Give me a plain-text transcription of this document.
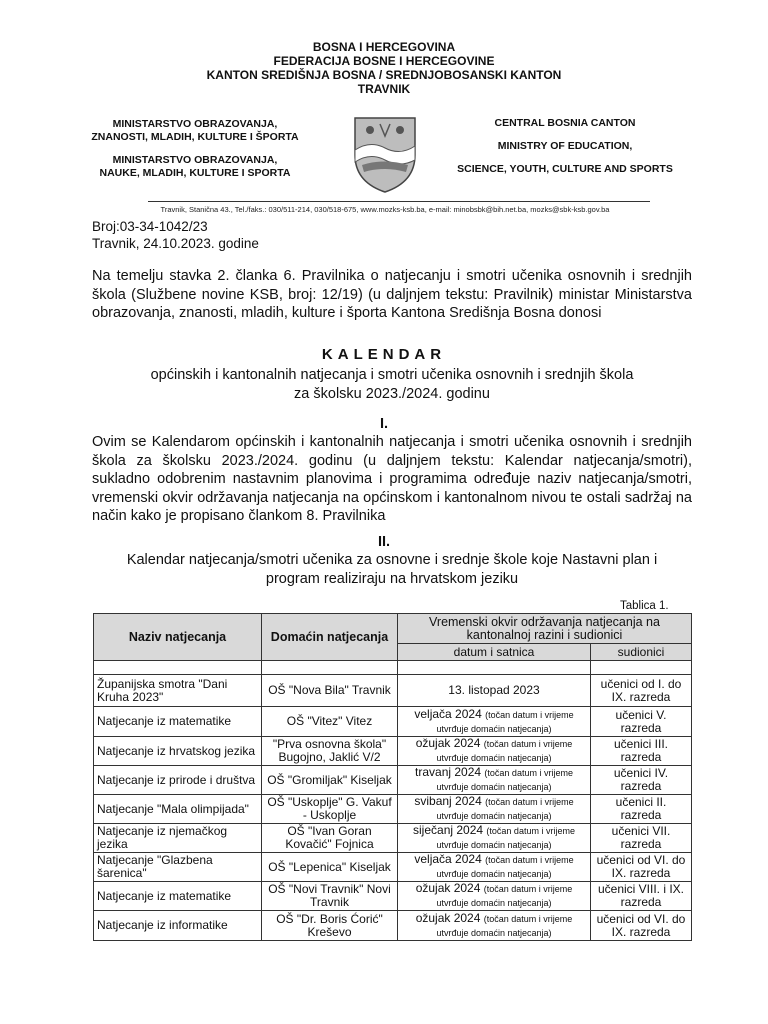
BOSNA I HERCEGOVINA
FEDERACIJA BOSNE I HERCEGOVINE
KANTON SREDIŠNJA BOSNA / SREDNJOBOSANSKI KANTON
TRAVNIK
MINISTARSTVO OBRAZOVANJA,
ZNANOSTI, MLADIH, KULTURE I ŠPORTA
MINISTARSTVO OBRAZOVANJA,
NAUKE, MLADIH, KULTURE I SPORTA
CENTRAL BOSNIA CANTON
MINISTRY OF EDUCATION,
SCIENCE, YOUTH, CULTURE AND SPORTS
Travnik, Stanična 43., Tel./faks.: 030/511-214, 030/518-675, www.mozks-ksb.ba, e-mail: minobsbk@bih.net.ba, mozks@sbk-ksb.gov.ba
Broj:03-34-1042/23
Travnik, 24.10.2023. godine
Na temelju stavka 2. članka 6. Pravilnika o natjecanju i smotri učenika osnovnih i srednjih škola (Službene novine KSB, broj: 12/19) (u daljnjem tekstu: Pravilnik) ministar Ministarstva obrazovanja, znanosti, mladih, kulture i športa Kantona Središnja Bosna donosi
KALENDAR
općinskih i kantonalnih natjecanja i smotri učenika osnovnih i srednjih škola
za školsku 2023./2024. godinu
I.
Ovim se Kalendarom općinskih i kantonalnih natjecanja i smotri učenika osnovnih i srednjih škola za školsku 2023./2024. godinu (u daljnjem tekstu: Kalendar natjecanja/smotri), sukladno odobrenim nastavnim planovima i programima određuje naziv natjecanja/smotri, vremenski okvir održavanja natjecanja na općinskom i kantonalnom nivou te ostali sadržaj na način kako je propisano člankom 8. Pravilnika
II.
Kalendar natjecanja/smotri učenika za osnovne i srednje škole koje Nastavni plan i
program realiziraju na hrvatskom jeziku
Tablica 1.
Naziv natjecanja	Domaćin natjecanja	Vremenski okvir održavanja natjecanja na kantonalnoj razini i sudionici	
		datum i satnica	sudionici

Županijska smotra "Dani Kruha 2023"	OŠ "Nova Bila" Travnik	13. listopad 2023	učenici od I. do IX. razreda
Natjecanje iz matematike	OŠ "Vitez" Vitez	veljača 2024 (točan datum i vrijeme utvrđuje domaćin natjecanja)	učenici V. razreda
Natjecanje iz hrvatskog jezika	"Prva osnovna škola" Bugojno, Jaklić V/2	ožujak 2024 (točan datum i vrijeme utvrđuje domaćin natjecanja)	učenici III. razreda
Natjecanje iz prirode i društva	OŠ "Gromiljak" Kiseljak	travanj 2024 (točan datum i vrijeme utvrđuje domaćin natjecanja)	učenici IV. razreda
Natjecanje "Mala olimpijada"	OŠ "Uskoplje" G. Vakuf - Uskoplje	svibanj 2024 (točan datum i vrijeme utvrđuje domaćin natjecanja)	učenici II. razreda
Natjecanje iz njemačkog jezika	OŠ "Ivan Goran Kovačić" Fojnica	siječanj 2024 (točan datum i vrijeme utvrđuje domaćin natjecanja)	učenici VII. razreda
Natjecanje "Glazbena šarenica"	OŠ "Lepenica" Kiseljak	veljača 2024 (točan datum i vrijeme utvrđuje domaćin natjecanja)	učenici od VI. do IX. razreda
Natjecanje iz matematike	OŠ "Novi Travnik" Novi Travnik	ožujak 2024 (točan datum i vrijeme utvrđuje domaćin natjecanja)	učenici VIII. i IX. razreda
Natjecanje iz informatike	OŠ "Dr. Boris Ćorić" Kreševo	ožujak 2024 (točan datum i vrijeme utvrđuje domaćin natjecanja)	učenici od VI. do IX. razreda
